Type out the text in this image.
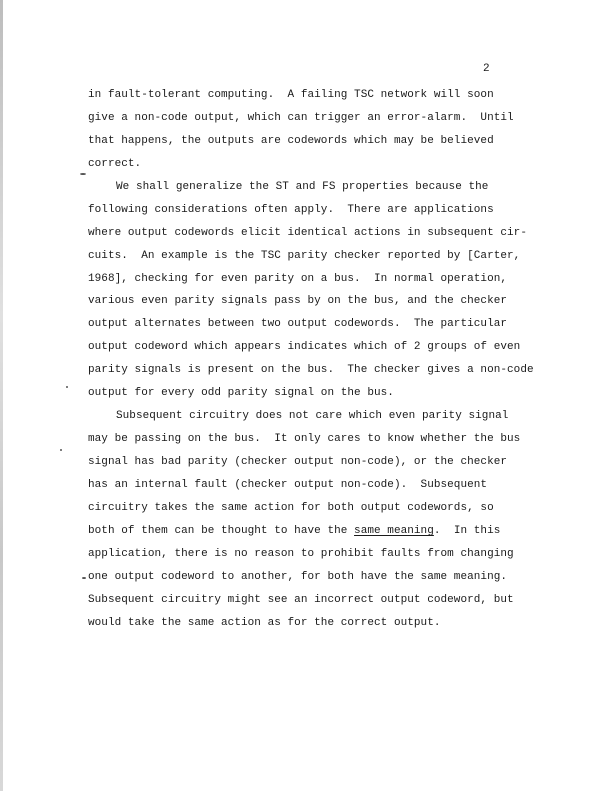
2
in fault-tolerant computing.  A failing TSC network will soon
give a non-code output, which can trigger an error-alarm.  Until
that happens, the outputs are codewords which may be believed
correct.
We shall generalize the ST and FS properties because the
following considerations often apply.  There are applications
where output codewords elicit identical actions in subsequent cir-
cuits.  An example is the TSC parity checker reported by [Carter,
1968], checking for even parity on a bus.  In normal operation,
various even parity signals pass by on the bus, and the checker
output alternates between two output codewords.  The particular
output codeword which appears indicates which of 2 groups of even
parity signals is present on the bus.  The checker gives a non-code
output for every odd parity signal on the bus.
Subsequent circuitry does not care which even parity signal
may be passing on the bus.  It only cares to know whether the bus
signal has bad parity (checker output non-code), or the checker
has an internal fault (checker output non-code).  Subsequent
circuitry takes the same action for both output codewords, so
both of them can be thought to have the same meaning.  In this
application, there is no reason to prohibit faults from changing
one output codeword to another, for both have the same meaning.
Subsequent circuitry might see an incorrect output codeword, but
would take the same action as for the correct output.
